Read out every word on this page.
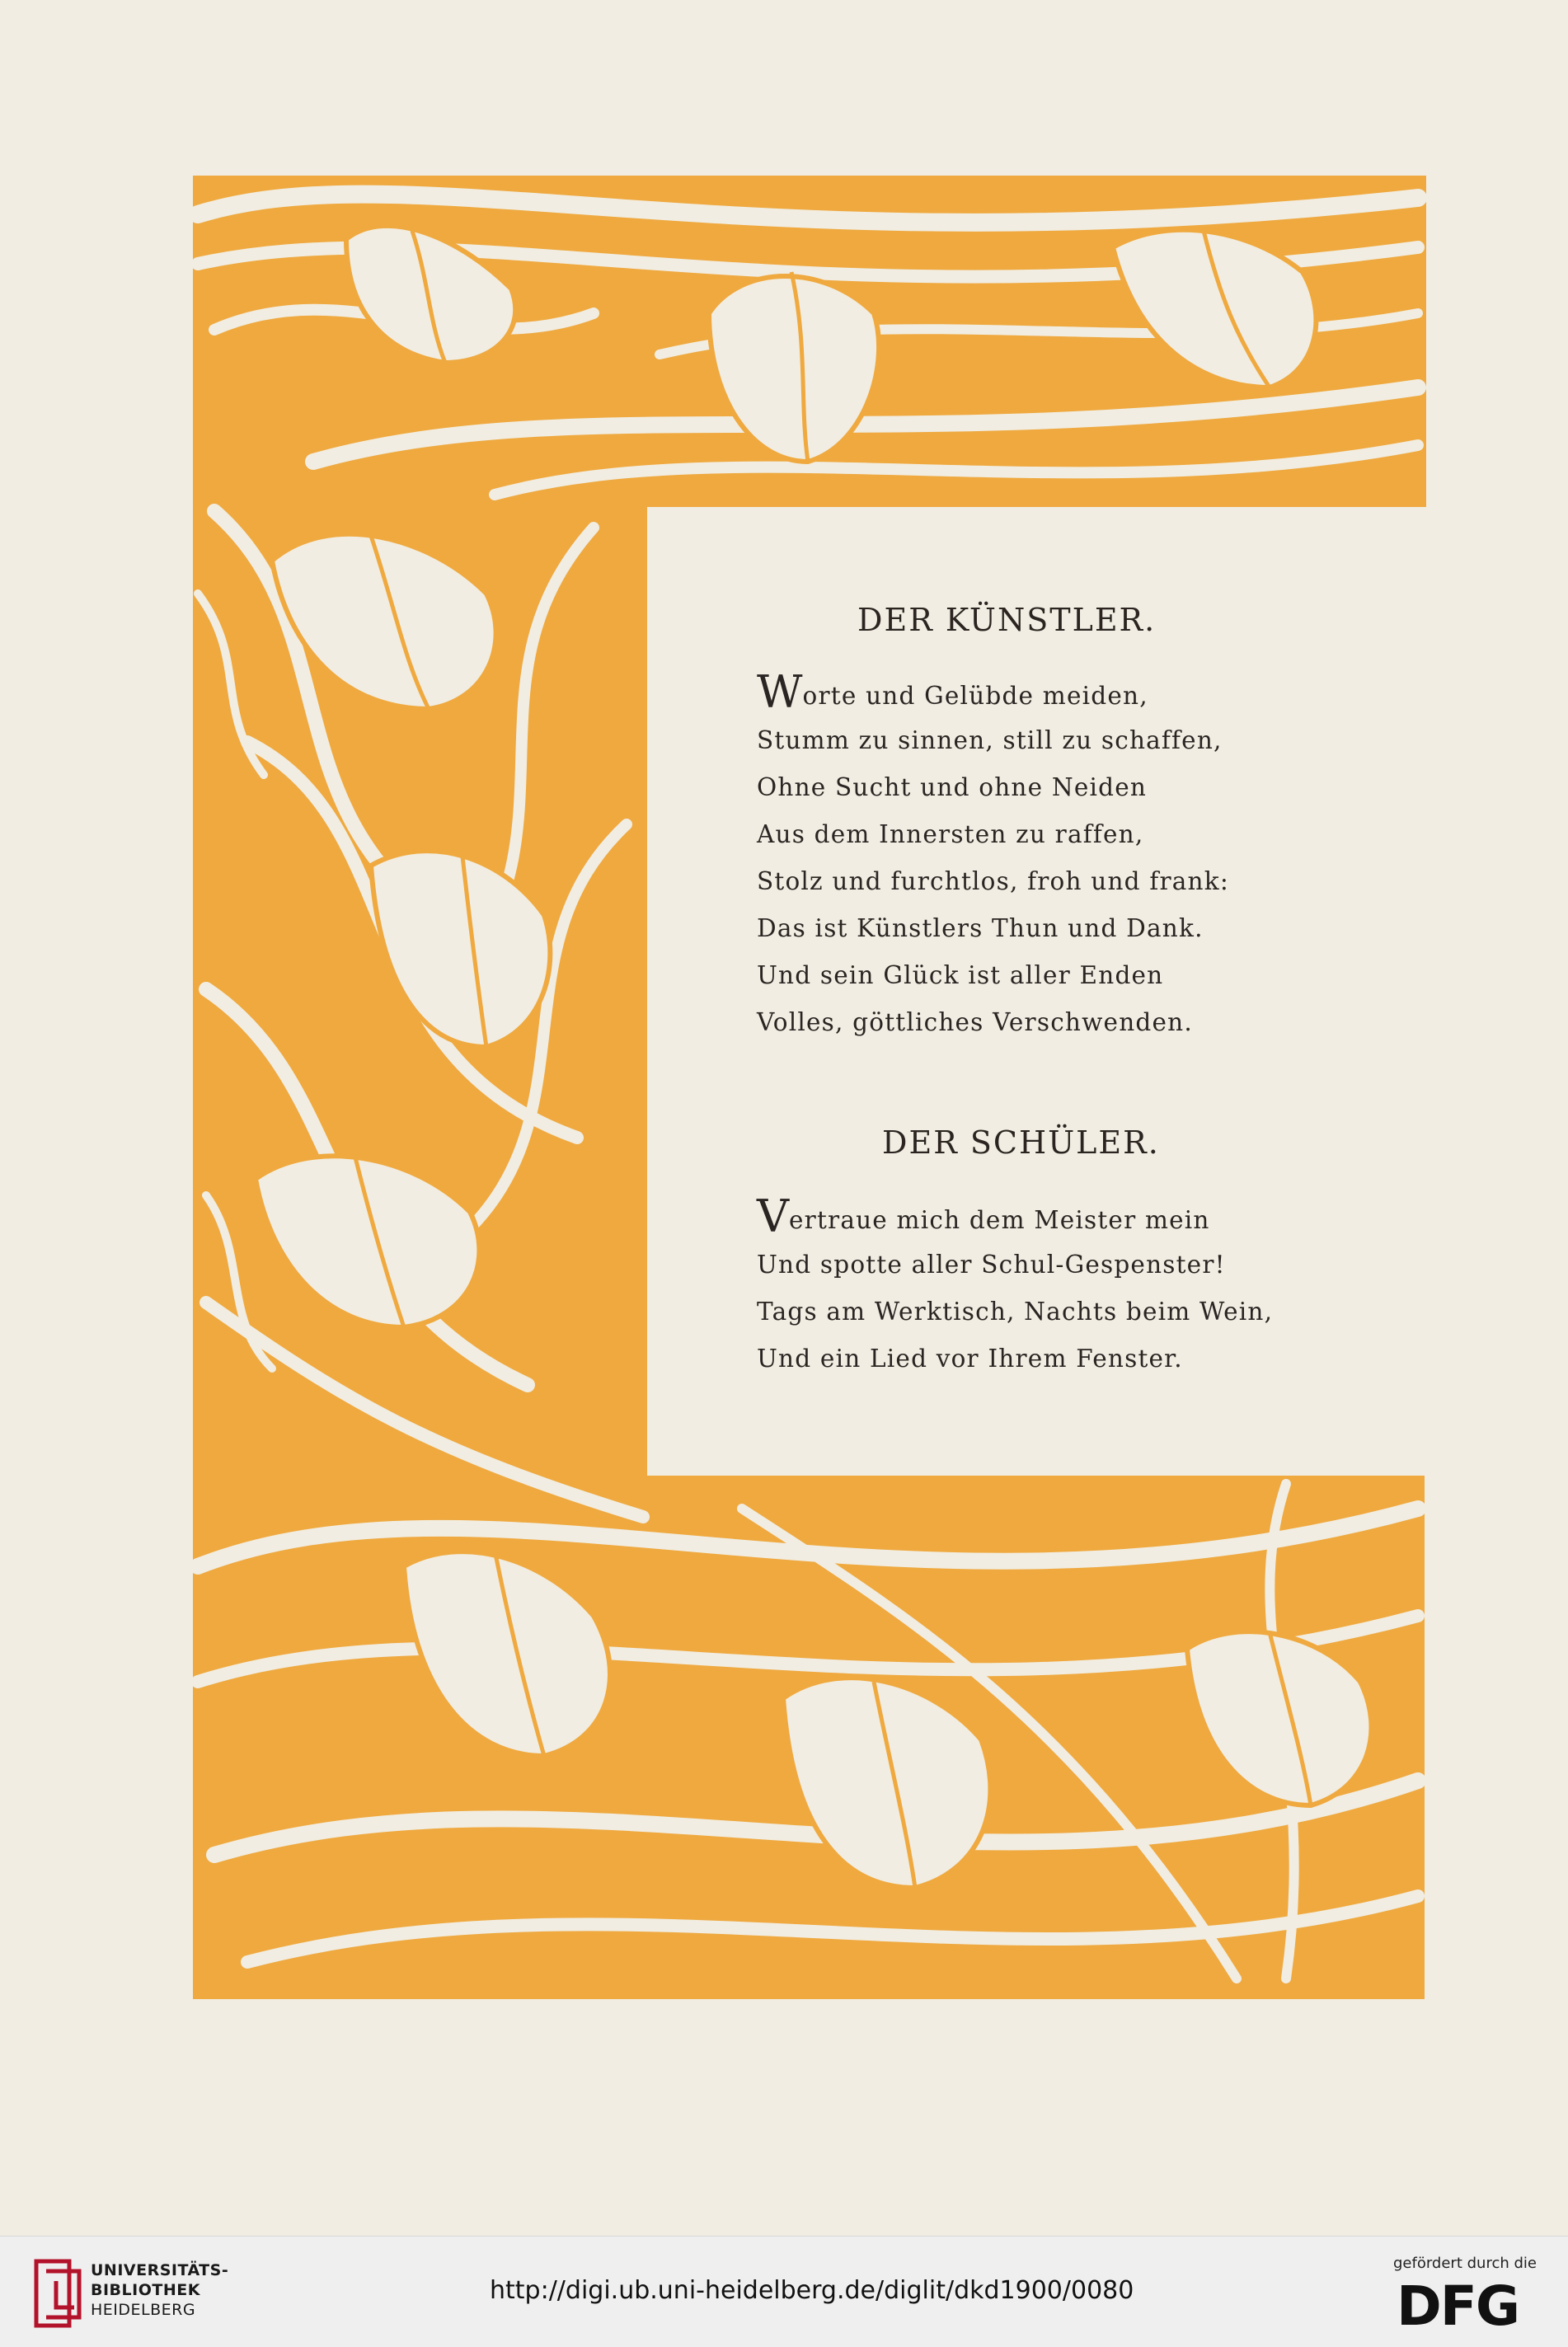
DER KÜNSTLER.
Worte und Gelübde meiden,
Stumm zu sinnen, still zu schaffen,
Ohne Sucht und ohne Neiden
Aus dem Innersten zu raffen,
Stolz und furchtlos, froh und frank:
Das ist Künstlers Thun und Dank.
Und sein Glück ist aller Enden
Volles, göttliches Verschwenden.
DER SCHÜLER.
Vertraue mich dem Meister mein
Und spotte aller Schul-Gespenster!
Tags am Werktisch, Nachts beim Wein,
Und ein Lied vor Ihrem Fenster.
UNIVERSITÄTS-
BIBLIOTHEK
HEIDELBERG
http://digi.ub.uni-heidelberg.de/diglit/dkd1900/0080
gefördert durch die
DFG
